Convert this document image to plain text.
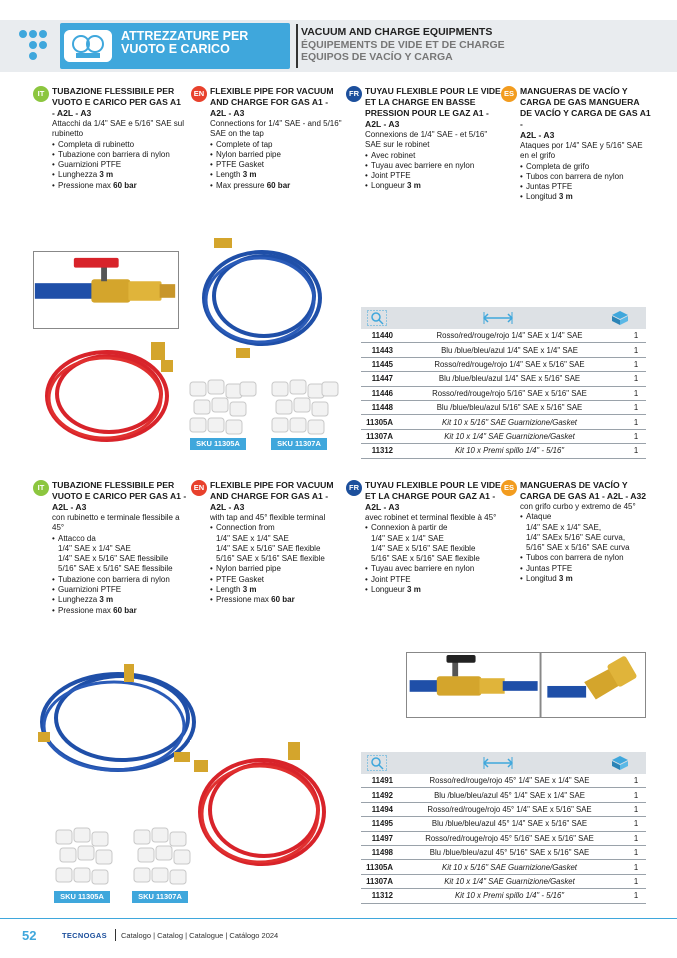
ATTREZZATURE PER
VUOTO E CARICO
VACUUM AND CHARGE EQUIPMENTS
ÉQUIPEMENTS DE VIDE ET DE CHARGE
EQUIPOS DE VACÍO Y CARGA
IT TUBAZIONE FLESSIBILE PER VUOTO E CARICO PER GAS A1
- A2L - A3
Attacchi da 1/4" SAE e 5/16" SAE sul rubinetto
• Completa di rubinetto
• Tubazione con barriera di nylon
• Guarnizioni PTFE
• Lunghezza 3 m
• Pressione max 60 bar
EN FLEXIBLE PIPE FOR VACUUM AND CHARGE FOR GAS A1 -
A2L - A3
Connections for 1/4" SAE - and 5/16" SAE on the tap
• Complete of tap
• Nylon barried pipe
• PTFE Gasket
• Length 3 m
• Max pressure 60 bar
FR TUYAU FLEXIBLE POUR LE VIDE ET LA CHARGE EN BASSE PRESSION POUR LE GAZ A1 -
A2L - A3
Connexions de 1/4" SAE - et 5/16" SAE sur le robinet
• Avec robinet
• Tuyau avec barriere en nylon
• Joint PTFE
• Longueur 3 m
ES MANGUERAS DE VACÍO Y CARGA DE GAS MANGUERA DE VACÍO Y CARGA DE GAS A1 -
A2L - A3
Ataques por 1/4" SAE y 5/16" SAE en el grifo
• Completa de grifo
• Tubos con barrera de nylon
• Juntas PTFE
• Longitud 3 m
SKU 11305A	SKU 11307A
11440	Rosso/red/rouge/rojo 1/4" SAE x 1/4" SAE	1
11443	Blu /blue/bleu/azul 1/4" SAE x 1/4" SAE	1
11445	Rosso/red/rouge/rojo 1/4" SAE x 5/16" SAE	1
11447	Blu /blue/bleu/azul 1/4" SAE x 5/16" SAE	1
11446	Rosso/red/rouge/rojo 5/16" SAE x 5/16" SAE	1
11448	Blu /blue/bleu/azul 5/16" SAE x 5/16" SAE	1
11305A	Kit 10 x 5/16" SAE Guarnizione/Gasket	1
11307A	Kit 10 x 1/4" SAE Guarnizione/Gasket	1
11312	Kit 10 x Premi spillo 1/4" - 5/16"	1
IT TUBAZIONE FLESSIBILE PER VUOTO E CARICO PER GAS A1 -
A2L - A3
con rubinetto e terminale flessibile a 45°
• Attacco da
1/4" SAE x 1/4" SAE
1/4" SAE x 5/16" SAE flessibile
5/16" SAE x 5/16" SAE flessibile
• Tubazione con barriera di nylon
• Guarnizioni PTFE
• Lunghezza 3 m
• Pressione max 60 bar
EN FLEXIBLE PIPE FOR VACUUM AND CHARGE FOR GAS A1 -
A2L - A3
with tap and 45° flexible terminal
• Connection from
1/4" SAE x 1/4" SAE
1/4" SAE x 5/16" SAE flexible
5/16" SAE x 5/16" SAE flexible
• Nylon barried pipe
• PTFE Gasket
• Length 3 m
• Pressione max 60 bar
FR TUYAU FLEXIBLE POUR LE VIDE ET LA CHARGE POUR GAZ A1 -
A2L - A3
avec robinet et terminal flexible à 45°
• Connexion à partir de
1/4" SAE x 1/4" SAE
1/4" SAE x 5/16" SAE flexible
5/16" SAE x 5/16" SAE flexible
• Tuyau avec barriere en nylon
• Joint PTFE
• Longueur 3 m
ES MANGUERAS DE VACÍO Y CARGA DE GAS A1 - A2L - A32
con grifo curbo y extremo de 45°
• Ataque
1/4" SAE x 1/4" SAE,
1/4" SAEx 5/16" SAE curva,
5/16" SAE x 5/16" SAE curva
• Tubos con barrera de nylon
• Juntas PTFE
• Longitud 3 m
SKU 11305A	SKU 11307A
11491	Rosso/red/rouge/rojo 45° 1/4" SAE x 1/4" SAE	1
11492	Blu /blue/bleu/azul 45° 1/4" SAE x 1/4" SAE	1
11494	Rosso/red/rouge/rojo 45° 1/4" SAE x 5/16" SAE	1
11495	Blu /blue/bleu/azul 45° 1/4" SAE x 5/16" SAE	1
11497	Rosso/red/rouge/rojo 45° 5/16" SAE x 5/16" SAE	1
11498	Blu /blue/bleu/azul 45° 5/16" SAE x 5/16" SAE	1
11305A	Kit 10 x 5/16" SAE Guarnizione/Gasket	1
11307A	Kit 10 x 1/4" SAE Guarnizione/Gasket	1
11312	Kit 10 x Premi spillo 1/4" - 5/16"	1
52	TECNOGAS Catalogo | Catalog | Catalogue | Catálogo 2024
